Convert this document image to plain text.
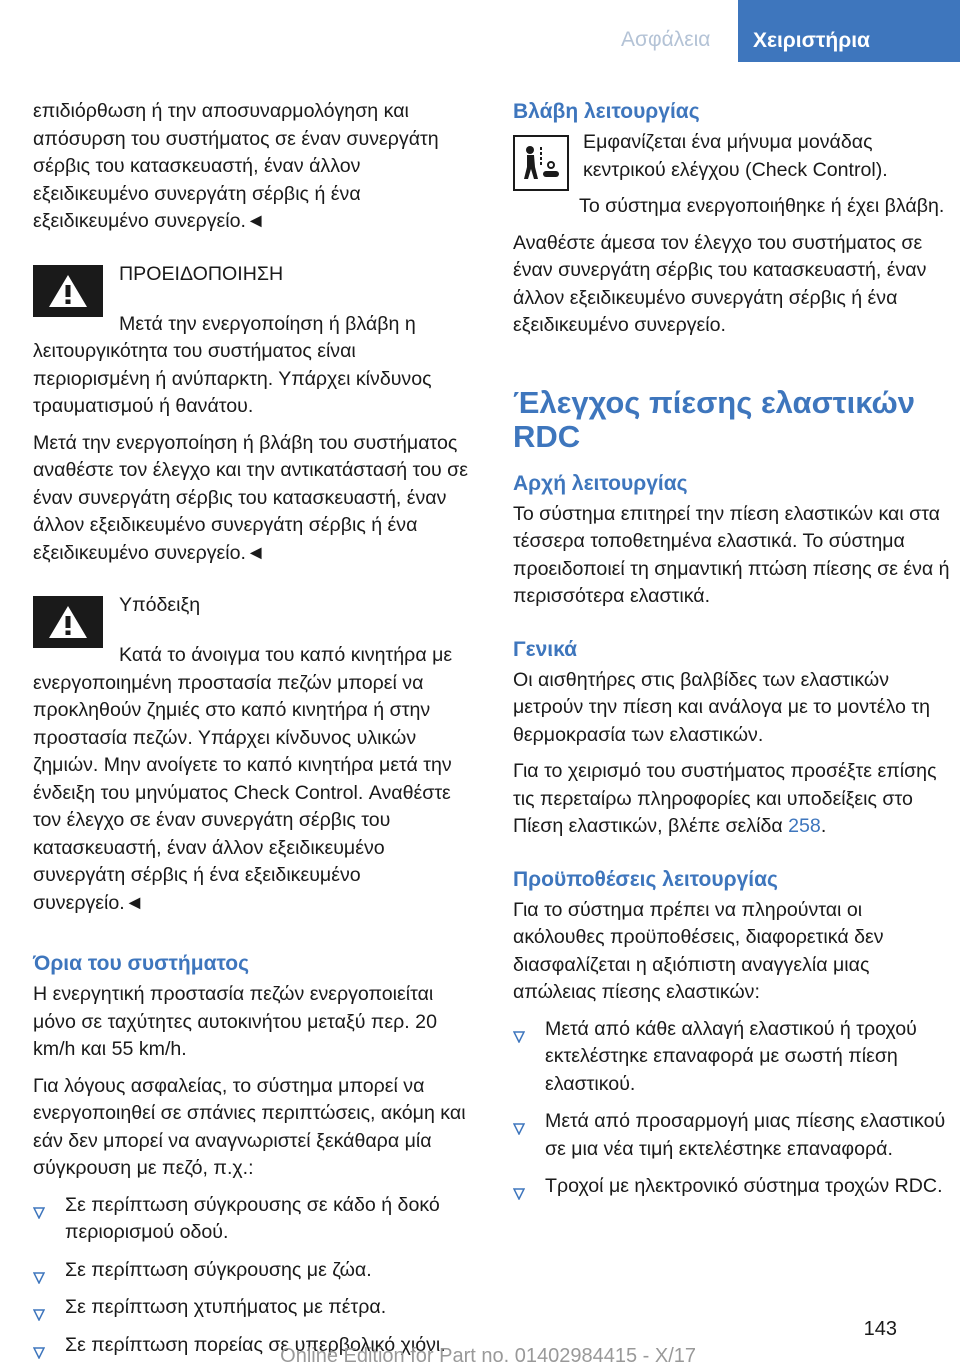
Ασφάλεια Χειριστήρια

επιδιόρθωση ή την αποσυναρμολόγηση και απόσυρση του συστήματος σε έναν συνεργάτη σέρβις του κατασκευαστή, έναν άλλον εξειδικευμένο συνεργάτη σέρβις ή ένα εξειδικευμένο συνεργείο.◄

ΠΡΟΕΙΔΟΠΟΙΗΣΗ

Μετά την ενεργοποίηση ή βλάβη η λειτουργικότητα του συστήματος είναι περιορισμένη ή ανύπαρκτη. Υπάρχει κίνδυνος τραυματισμού ή θανάτου.

Μετά την ενεργοποίηση ή βλάβη του συστήματος αναθέστε τον έλεγχο και την αντικατάστασή του σε έναν συνεργάτη σέρβις του κατασκευαστή, έναν άλλον εξειδικευμένο συνεργάτη σέρβις ή ένα εξειδικευμένο συνεργείο.◄

Υπόδειξη

Κατά το άνοιγμα του καπό κινητήρα με ενεργοποιημένη προστασία πεζών μπορεί να προκληθούν ζημιές στο καπό κινητήρα ή στην προστασία πεζών. Υπάρχει κίνδυνος υλικών ζημιών. Μην ανοίγετε το καπό κινητήρα μετά την ένδειξη του μηνύματος Check Control. Αναθέστε τον έλεγχο σε έναν συνεργάτη σέρβις του κατασκευαστή, έναν άλλον εξειδικευμένο συνεργάτη σέρβις ή ένα εξειδικευμένο συνεργείο.◄

Όρια του συστήματος

Η ενεργητική προστασία πεζών ενεργοποιείται μόνο σε ταχύτητες αυτοκινήτου μεταξύ περ. 20 km/h και 55 km/h.

Για λόγους ασφαλείας, το σύστημα μπορεί να ενεργοποιηθεί σε σπάνιες περιπτώσεις, ακόμη και εάν δεν μπορεί να αναγνωριστεί ξεκάθαρα μία σύγκρουση με πεζό, π.χ.:

Σε περίπτωση σύγκρουσης σε κάδο ή δοκό περιορισμού οδού.
Σε περίπτωση σύγκρουσης με ζώα.
Σε περίπτωση χτυπήματος με πέτρα.
Σε περίπτωση πορείας σε υπερβολικό χιόνι.
Βλάβη λειτουργίας

Εμφανίζεται ένα μήνυμα μονάδας κεντρικού ελέγχου (Check Control).

Το σύστημα ενεργοποιήθηκε ή έχει βλάβη.

Αναθέστε άμεσα τον έλεγχο του συστήματος σε έναν συνεργάτη σέρβις του κατασκευαστή, έναν άλλον εξειδικευμένο συνεργάτη σέρβις ή ένα εξειδικευμένο συνεργείο.

Έλεγχος πίεσης ελαστικών RDC
Αρχή λειτουργίας

Το σύστημα επιτηρεί την πίεση ελαστικών και στα τέσσερα τοποθετημένα ελαστικά. Το σύστημα προειδοποιεί τη σημαντική πτώση πίεσης σε ένα ή περισσότερα ελαστικά.

Γενικά

Οι αισθητήρες στις βαλβίδες των ελαστικών μετρούν την πίεση και ανάλογα με το μοντέλο τη θερμοκρασία των ελαστικών.

Για το χειρισμό του συστήματος προσέξτε επίσης τις περεταίρω πληροφορίες και υποδείξεις στο Πίεση ελαστικών, βλέπε σελίδα 258.

Προϋποθέσεις λειτουργίας

Για το σύστημα πρέπει να πληρούνται οι ακόλουθες προϋποθέσεις, διαφορετικά δεν διασφαλίζεται η αξιόπιστη αναγγελία μιας απώλειας πίεσης ελαστικών:

Μετά από κάθε αλλαγή ελαστικού ή τροχού εκτελέστηκε επαναφορά με σωστή πίεση ελαστικού.
Μετά από προσαρμογή μιας πίεσης ελαστικού σε μια νέα τιμή εκτελέστηκε επαναφορά.
Τροχοί με ηλεκτρονικό σύστημα τροχών RDC.
143
Online Edition for Part no. 01402984415 - X/17
